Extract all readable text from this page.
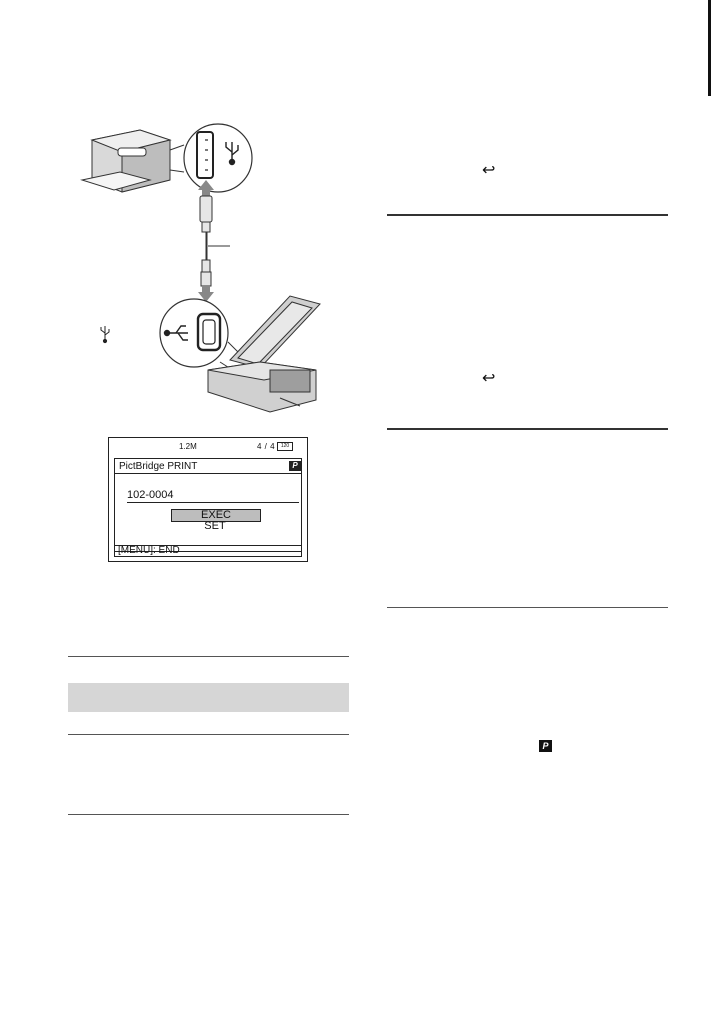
1.2M	4 / 4	120
PictBridge PRINT	P
102-0004
EXEC
SET
[MENU]: END
↩
↩
P
